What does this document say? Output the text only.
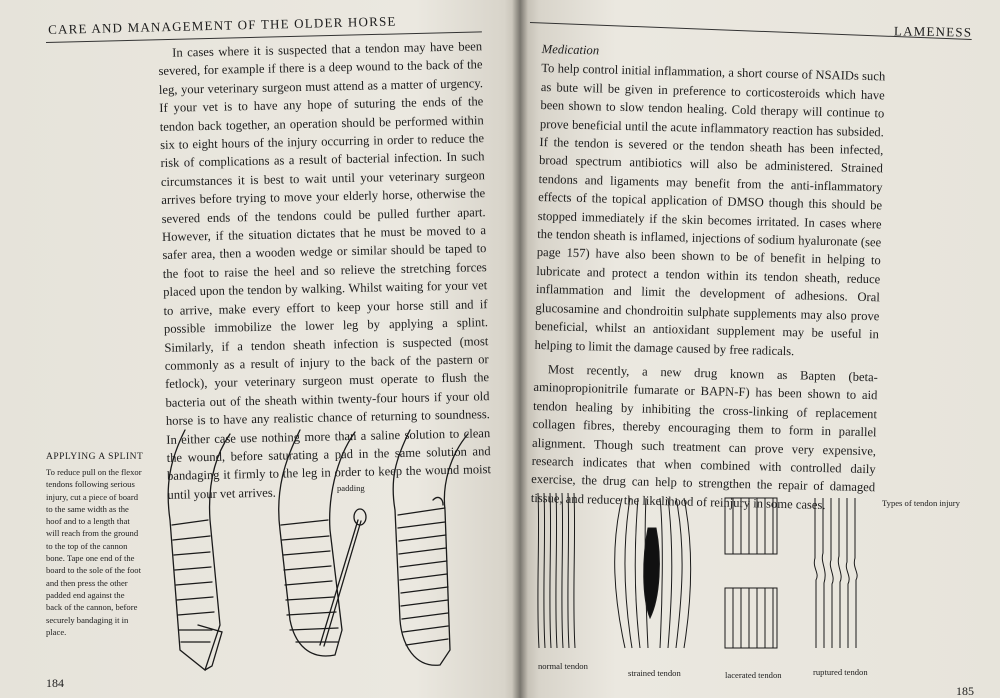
CARE AND MANAGEMENT OF THE OLDER HORSE

In cases where it is suspected that a tendon may have been severed, for example if there is a deep wound to the back of the leg, your veterinary surgeon must attend as a matter of urgency. If your vet is to have any hope of suturing the ends of the tendon back together, an operation should be performed within six to eight hours of the injury occurring in order to reduce the risk of complications as a result of bacterial infection. In such circumstances it is best to wait until your veterinary surgeon arrives before trying to move your elderly horse, otherwise the severed ends of the tendons could be pulled further apart. However, if the situation dictates that he must be moved to a safer area, then a wooden wedge or similar should be taped to the foot to raise the heel and so relieve the stretching forces placed upon the tendon by walking. Whilst waiting for your vet to arrive, make every effort to keep your horse still and if possible immobilize the lower leg by applying a splint. Similarly, if a tendon sheath infection is suspected (most commonly as a result of injury to the back of the pastern or fetlock), your veterinary surgeon must operate to flush the bacteria out of the sheath within twenty-four hours if your old horse is to have any realistic chance of returning to soundness. In either case use nothing more than a saline solution to clean the wound, before saturating a pad in the same solution and bandaging it firmly to the leg in order to keep the wound moist until your vet arrives.

APPLYING A SPLINT
To reduce pull on the flexor tendons following serious injury, cut a piece of board to the same width as the hoof and to a length that will reach from the ground to the top of the cannon bone. Tape one end of the board to the sole of the foot and then press the other padded end against the back of the cannon, before securely bandaging it in place.
padding
184
LAMENESS
Medication

To help control initial inflammation, a short course of NSAIDs such as bute will be given in preference to corticosteroids which have been shown to slow tendon healing. Cold therapy will continue to prove beneficial until the acute inflammatory reaction has subsided. If the tendon is severed or the tendon sheath has been infected, broad spectrum antibiotics will also be administered. Strained tendons and ligaments may benefit from the anti-inflammatory effects of the topical application of DMSO though this should be stopped immediately if the skin becomes irritated. In cases where the tendon sheath is inflamed, injections of sodium hyaluronate (see page 157) have also been shown to be of benefit in helping to lubricate and protect a tendon within its tendon sheath, reduce inflammation and limit the development of adhesions. Oral glucosamine and chondroitin sulphate supplements may also prove beneficial, whilst an antioxidant supplement may be useful in helping to limit the damage caused by free radicals.

Most recently, a new drug known as Bapten (beta-aminopropionitrile fumarate or BAPN-F) has been shown to aid tendon healing by inhibiting the cross-linking of replacement collagen fibres, thereby encouraging them to form in parallel alignment. Though such treatment can prove very expensive, research indicates that when combined with controlled daily exercise, the drug can help to strengthen the repair of damaged tissue, and reduce the likelihood of reinjury in some cases.	Types of tendon injury
normal tendon
strained tendon	lacerated tendon	ruptured tendon
185
